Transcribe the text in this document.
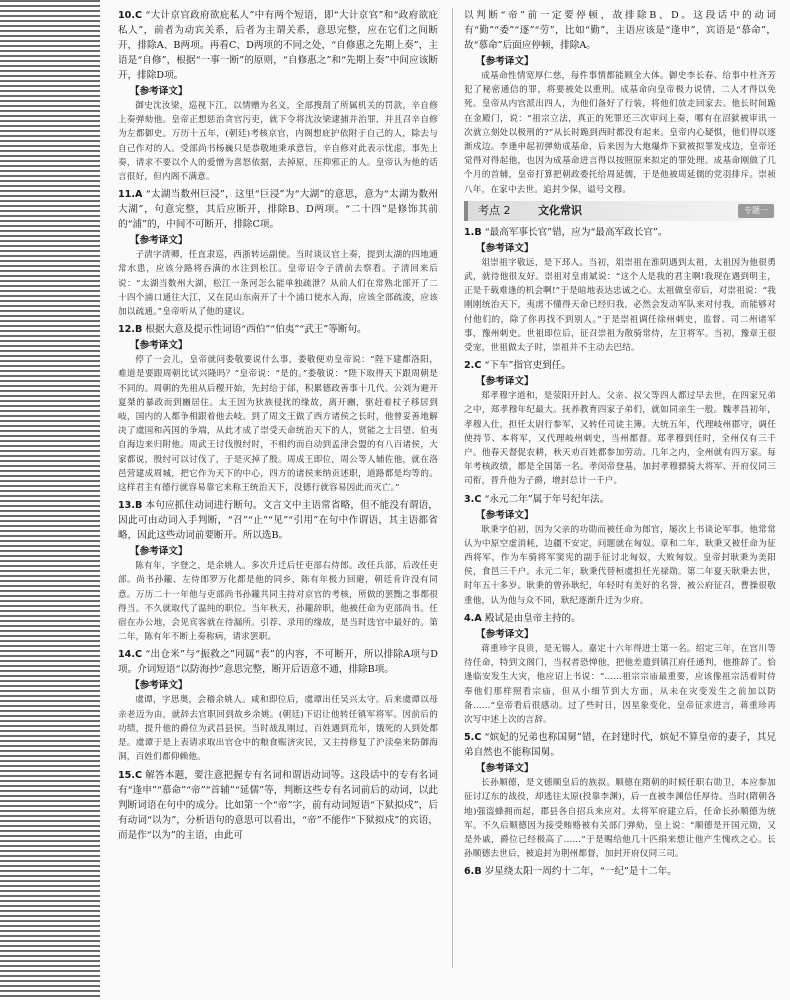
10.C “大计京官政府欲庇私人”中有两个短语，即“大计京官”和“政府欲庇私人”，前者为动宾关系，后者为主谓关系，意思完整，应在它们之间断开，排除A、B两项。再看C、D两项的不同之处，“自修惠之先期上奏”，主语是“自修”，根据“一事一断”的原则，“自修惠之”和“先期上奏”中间应该断开，排除D项。

【 参考译文 】

御史沈汝梁，巡视下江，以情赠为名义，全部搜刮了所属机关的罚款，辛自修上奏弹劾他。皇帝正想惩治贪官污吏，就下令将沈汝梁逮捕并治罪，并且召辛自修为左都御史。万历十五年，(朝廷)考核京官，内阁想庇护依附于自己的人，除去与自己作对的人。受部尚书杨巍只是恭敬地秉承意旨，辛自修对此表示忧虑，事先上奏，请求不要以个人的爱憎为喜怒依据，去掉原，压抑邪正的人。皇帝认为他的话言很好，但内阁不满意。

11.A “太湖当数州巨浸”，这里“巨浸”为“大湖”的意思，意为“太湖为数州大湖”，句意完整，其后应断开，排除B、D两项。“二十四”是修饰其前的“浦”的，中间不可断开，排除C项。

【 参考译文 】

子清字清卿，任直隶巡，西浙转运副使。当时谈议官上奏，提到太湖的四地通常水患，应该分路将吞满的水注到松江。皇帝诏令子清前去察看。子清回来后说：“太湖当数州大湖，松江一条河怎么能单独疏泄？从前人们在常熟北部开了二十四个浦口通往大江，又在昆山东南开了十个浦口使水入海，应该全部疏浚，应该加以疏通。”皇帝听从了他的建议。

12.B 根据大意及提示性词语“西伯”“伯夷”“武王”等断句。

【 参考译文 】

停了一会儿，皇帝就问娄敬要说什么事，娄敬便劝皇帝说：“陛下建都洛阳，难道是要跟周朝比试兴隆吗？”皇帝说：“是的。”娄敬说：“陛下取得天下跟周朝是不同的。周朝的先祖从后稷开始，先封给于邰，积累德政善事十几代。公刘为避开夏桀的暴政而到豳居住。太王因为狄族侵扰的缘故，离开豳，驱赶着杖子移居到岐，国内的人都争相跟着他去岐。到了周文王做了西方诸侯之长时，他曾妥善地解决了虞国和芮国的争端，从此才成了崇受天命统治天下的人，贤能之士吕望、伯夷自海边来归附他。周武王讨伐殷纣时，不相约而自动到孟津会盟的有八百诸侯，大家都说，殷纣可以讨伐了，于是灭掉了殷。周成王即位，周公等人辅佐他，就在洛邑营建成周城，把它作为天下的中心，四方的诸侯来纳贡述职，道路都是均等的。这样君主有德行就容易靠它来称王统治天下，没德行就容易因此而灭亡。”

13.B 本句应抓住动词进行断句。文言文中主语常省略，但不能没有谓语，因此可由动词入手判断，“召”“止”“见”“引用”在句中作谓语，其主语都省略，因此这些动词前要断开。所以选B。

【 参考译文 】

陈有年，字登之，是余姚人。多次升迁后任吏部右侍郎。改任兵部，后改任吏部。尚书孙鑨、左侍郎罗万化都是他的同乡，陈有年极力回避，朝廷肯许没有同意。万历二十一年他与吏部尚书孙鑨共同主持对京官的考核，所做的罢黜之事都很得当。不久就取代了温纯的职位。当年秋天，孙鑨辞职，他被任命为吏部尚书。任宿在办公地，会见宾客就在待漏所。引荐、录用的缘故，是当时选官中最好的。第二年，陈有年不断上奏称病，请求罢职。

14.C “出仓米”与“振救之”同属“表”的内容，不可断开，所以排除A项与D项。介词短语“以防海抄”意思完整，断开后语意不通，排除B项。

【 参考译文 】

虞谭，字思奥，会稽余姚人。咸和即位后，虞谭出任吴兴太守。后来虞谭以母亲老迈为由，就辞去官职回到故乡余姚。(朝廷)下诏让他转任镇军将军。因前后的功绩，提升他的爵位为武昌县侯。当时战乱刚过，百姓遇到荒年，饿死的人到处都是。虞谭于是上表请求取出官仓中的粮食赈济灾民，又主持修复了沪渎垒来防御海洞，百姓们都仰赖他。

15.C 解答本题，要注意把握专有名词和谓语动词等。这段话中的专有名词有“逢申”“慕命”“帝”“首辅”“延儒”等，判断这些专有名词前后的动词，以此判断词语在句中的成分。比如第一个“帝”字，前有动词短语“下狱拟戍”，后有动词“以为”，分析语句的意思可以看出，“帝”不能作“下狱拟戍”的宾语，而是作“以为”的主语，由此可

以判断“帝”前一定要停顿，故排除B、D。这段话中的动词有“勤”“委”“逐”“劳”，比如“勤”，主语应该是“逢申”，宾语是“慕命”，故“慕命”后面应停顿，排除A。

【 参考译文 】

成基命性情宽厚仁慈，每件事情都能顾全大体。御史李长春、给事中杜齐芳犯了秘密通信的罪，将要被处以重刑。成基命向皇帝极力说情，二人才得以免死。皇帝从内宫派出四人，为他们备好了行装，将他们放走回家去。他长时间跪在金殿门，说：“祖宗立法，真正的死罪还三次审问上奏，哪有在沼狱被审讯一次就立刻处以极刑的?”从长时跪到西时都没有起来。皇帝内心疑惧，他们得以逐渐戍边。李逢申起初弹劾成基命，后来因为大炮爆炸下狱被拟罪发戍边，皇帝还觉得对得起他，也因为成基命进言得以按照原来拟定的罪处理。成基命刚做了几个月的首辅，皇帝打算把朝政委托给周延儒，于是他被周延儒的党羽排斥。崇祯八年，在家中去世。追封少保，谥号文穆。

考点 2	文化常识	专题一

1.B “最高军事长官”错，应为“最高军政长官”。

【 参考译文 】

俎崇祖字敬远，是下邳人。当初，俎崇祖在淮阴遇到太祖，太祖因为他很勇武，就待他很友好。崇祖对皇甫斌说：“这个人是我的君主啊!我现在遇到明主，正是千载难逢的机会啊!”于是暗地表达忠诚之心。太祖做皇帝后，对崇祖说：“我刚刚统治天下，夷虏不懂得天命已经归我，必然会发动军队来对付我，而能够对付他们的，除了你再找不到别人。”于是崇祖调任徐州刺史，监督、司二州诸军事，豫州刺史。世祖即位后，征召崇祖为散骑常侍，左卫将军。当初，豫章王很受宠，世祖做太子时，崇祖并不主动去巴结。

2.C “下车”指官吏到任。

【 参考译文 】

郑孝穆字道和，是荥阳开封人。父亲、叔父等四人都过早去世，在四家兄弟之中，郑孝穆年纪最大。抚养教育四家子弟们，就如同亲生一般。魏孝昌初年，孝穆入仕，担任太尉行参军，又转任司徒主簿。大统五年，代理岐州郡守，调任使持节、本将军，又代理岐州刺史，当州都督。郑孝穆到任时，全州仅有三千户。他春天督促农耕，秋天劝百姓都参加劳动。几年之内，全州就有四万家。每年考核政绩，都是全国第一名。孝闵帝登基，加封孝穆骠骑大将军、开府仪同三司衔，晋升他为子爵，增封总计一千户。

3.C “永元二年”属于年号纪年法。

【 参考译文 】

耿秉字伯初，因为父亲的功勋而被任命为郎官，屡次上书谈论军事。他常常认为中原空虚消耗，边疆不安定，问题就在匈奴。章和二年，耿秉又被任命为征西将军，作为车骑将军窦宪的副手征讨北匈奴，大败匈奴。皇帝封耿秉为美阳侯，食邑三千户。永元二年，耿秉代替桓虞担任光禄勋。第二年夏天耿秉去世，时年五十多岁。耿秉的曾孙耿纪，年轻时有美好的名誉，被公府征召，曹操很敬重他，认为他与众不同，耿纪逐渐升迁为少府。

4.A 殿试是由皇帝主持的。

【 参考译文 】

蒋重珍字良贵，是无锡人。嘉定十六年得进士第一名。绍定三年，在宫川等待任命，特到文阁门，当权者恐惮他，把他差遣到镇江府任通判，他推辞了。恰逢临安发生大灾，他应诏上书说：“……祖宗宗庙最重要，应该像祖宗活着时侍奉他们那样照看宗庙，但从小细节到大方面，从未在灾变发生之前加以防备……”皇帝看后很感动。过了些时日，因星象变化，皇帝征求进言，蒋重珍再次写中述上次的言辞。

5.C “嫔妃的兄弟也称国舅”错，在封建时代，嫔妃不算皇帝的妻子，其兄弟自然也不能称国舅。

【 参考译文 】

长孙顺德，是文德顺皇后的族叔。顺德在隋朝的时候任职右勋卫，本应参加征讨辽东的战役，却逃往太原(投靠李渊)，后一直被李渊信任厚待。当时(隋朝各地)强盗蜂拥而起，郡县各自招兵来应对。太将军府建立后，任命长孙顺德为统军。不久后顺德因为接受贿赂被有关部门弹劾，皇上说：“顺德是开国元勋，又是外戚，爵位已经极高了……”于是赐给他几十匹绢来想让他产生愧疚之心。长孙顺德去世后，被追封为荆州都督，加封开府仪同三司。

6.B 岁星绕太阳一周约十二年，“一纪”是十二年。
